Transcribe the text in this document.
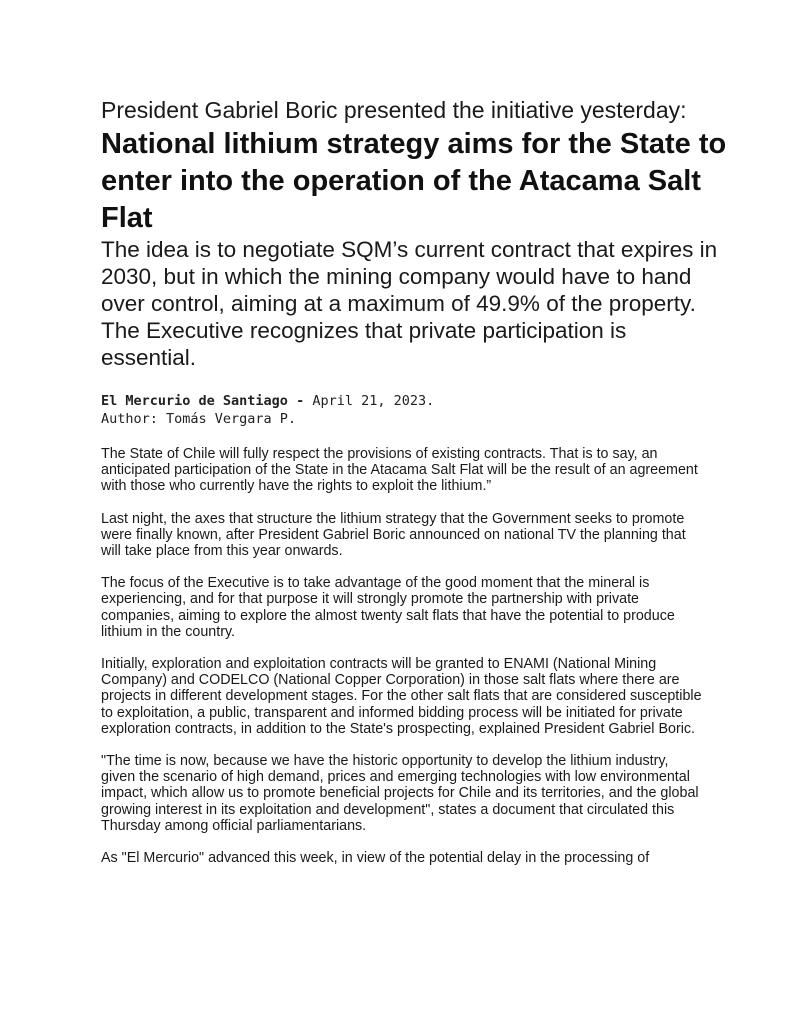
President Gabriel Boric presented the initiative yesterday:
National lithium strategy aims for the State to enter into the operation of the Atacama Salt Flat
The idea is to negotiate SQM’s current contract that expires in 2030, but in which the mining company would have to hand over control, aiming at a maximum of 49.9% of the property. The Executive recognizes that private participation is essential.
El Mercurio de Santiago - April 21, 2023.
Author: Tomás Vergara P.

The State of Chile will fully respect the provisions of existing contracts. That is to say, an anticipated participation of the State in the Atacama Salt Flat will be the result of an agreement with those who currently have the rights to exploit the lithium.”

Last night, the axes that structure the lithium strategy that the Government seeks to promote were finally known, after President Gabriel Boric announced on national TV the planning that will take place from this year onwards.

The focus of the Executive is to take advantage of the good moment that the mineral is experiencing, and for that purpose it will strongly promote the partnership with private companies, aiming to explore the almost twenty salt flats that have the potential to produce lithium in the country.

Initially, exploration and exploitation contracts will be granted to ENAMI (National Mining Company) and CODELCO (National Copper Corporation) in those salt flats where there are projects in different development stages. For the other salt flats that are considered susceptible to exploitation, a public, transparent and informed bidding process will be initiated for private exploration contracts, in addition to the State's prospecting, explained President Gabriel Boric.

"The time is now, because we have the historic opportunity to develop the lithium industry, given the scenario of high demand, prices and emerging technologies with low environmental impact, which allow us to promote beneficial projects for Chile and its territories, and the global growing interest in its exploitation and development", states a document that circulated this Thursday among official parliamentarians.

As "El Mercurio" advanced this week, in view of the potential delay in the processing of
